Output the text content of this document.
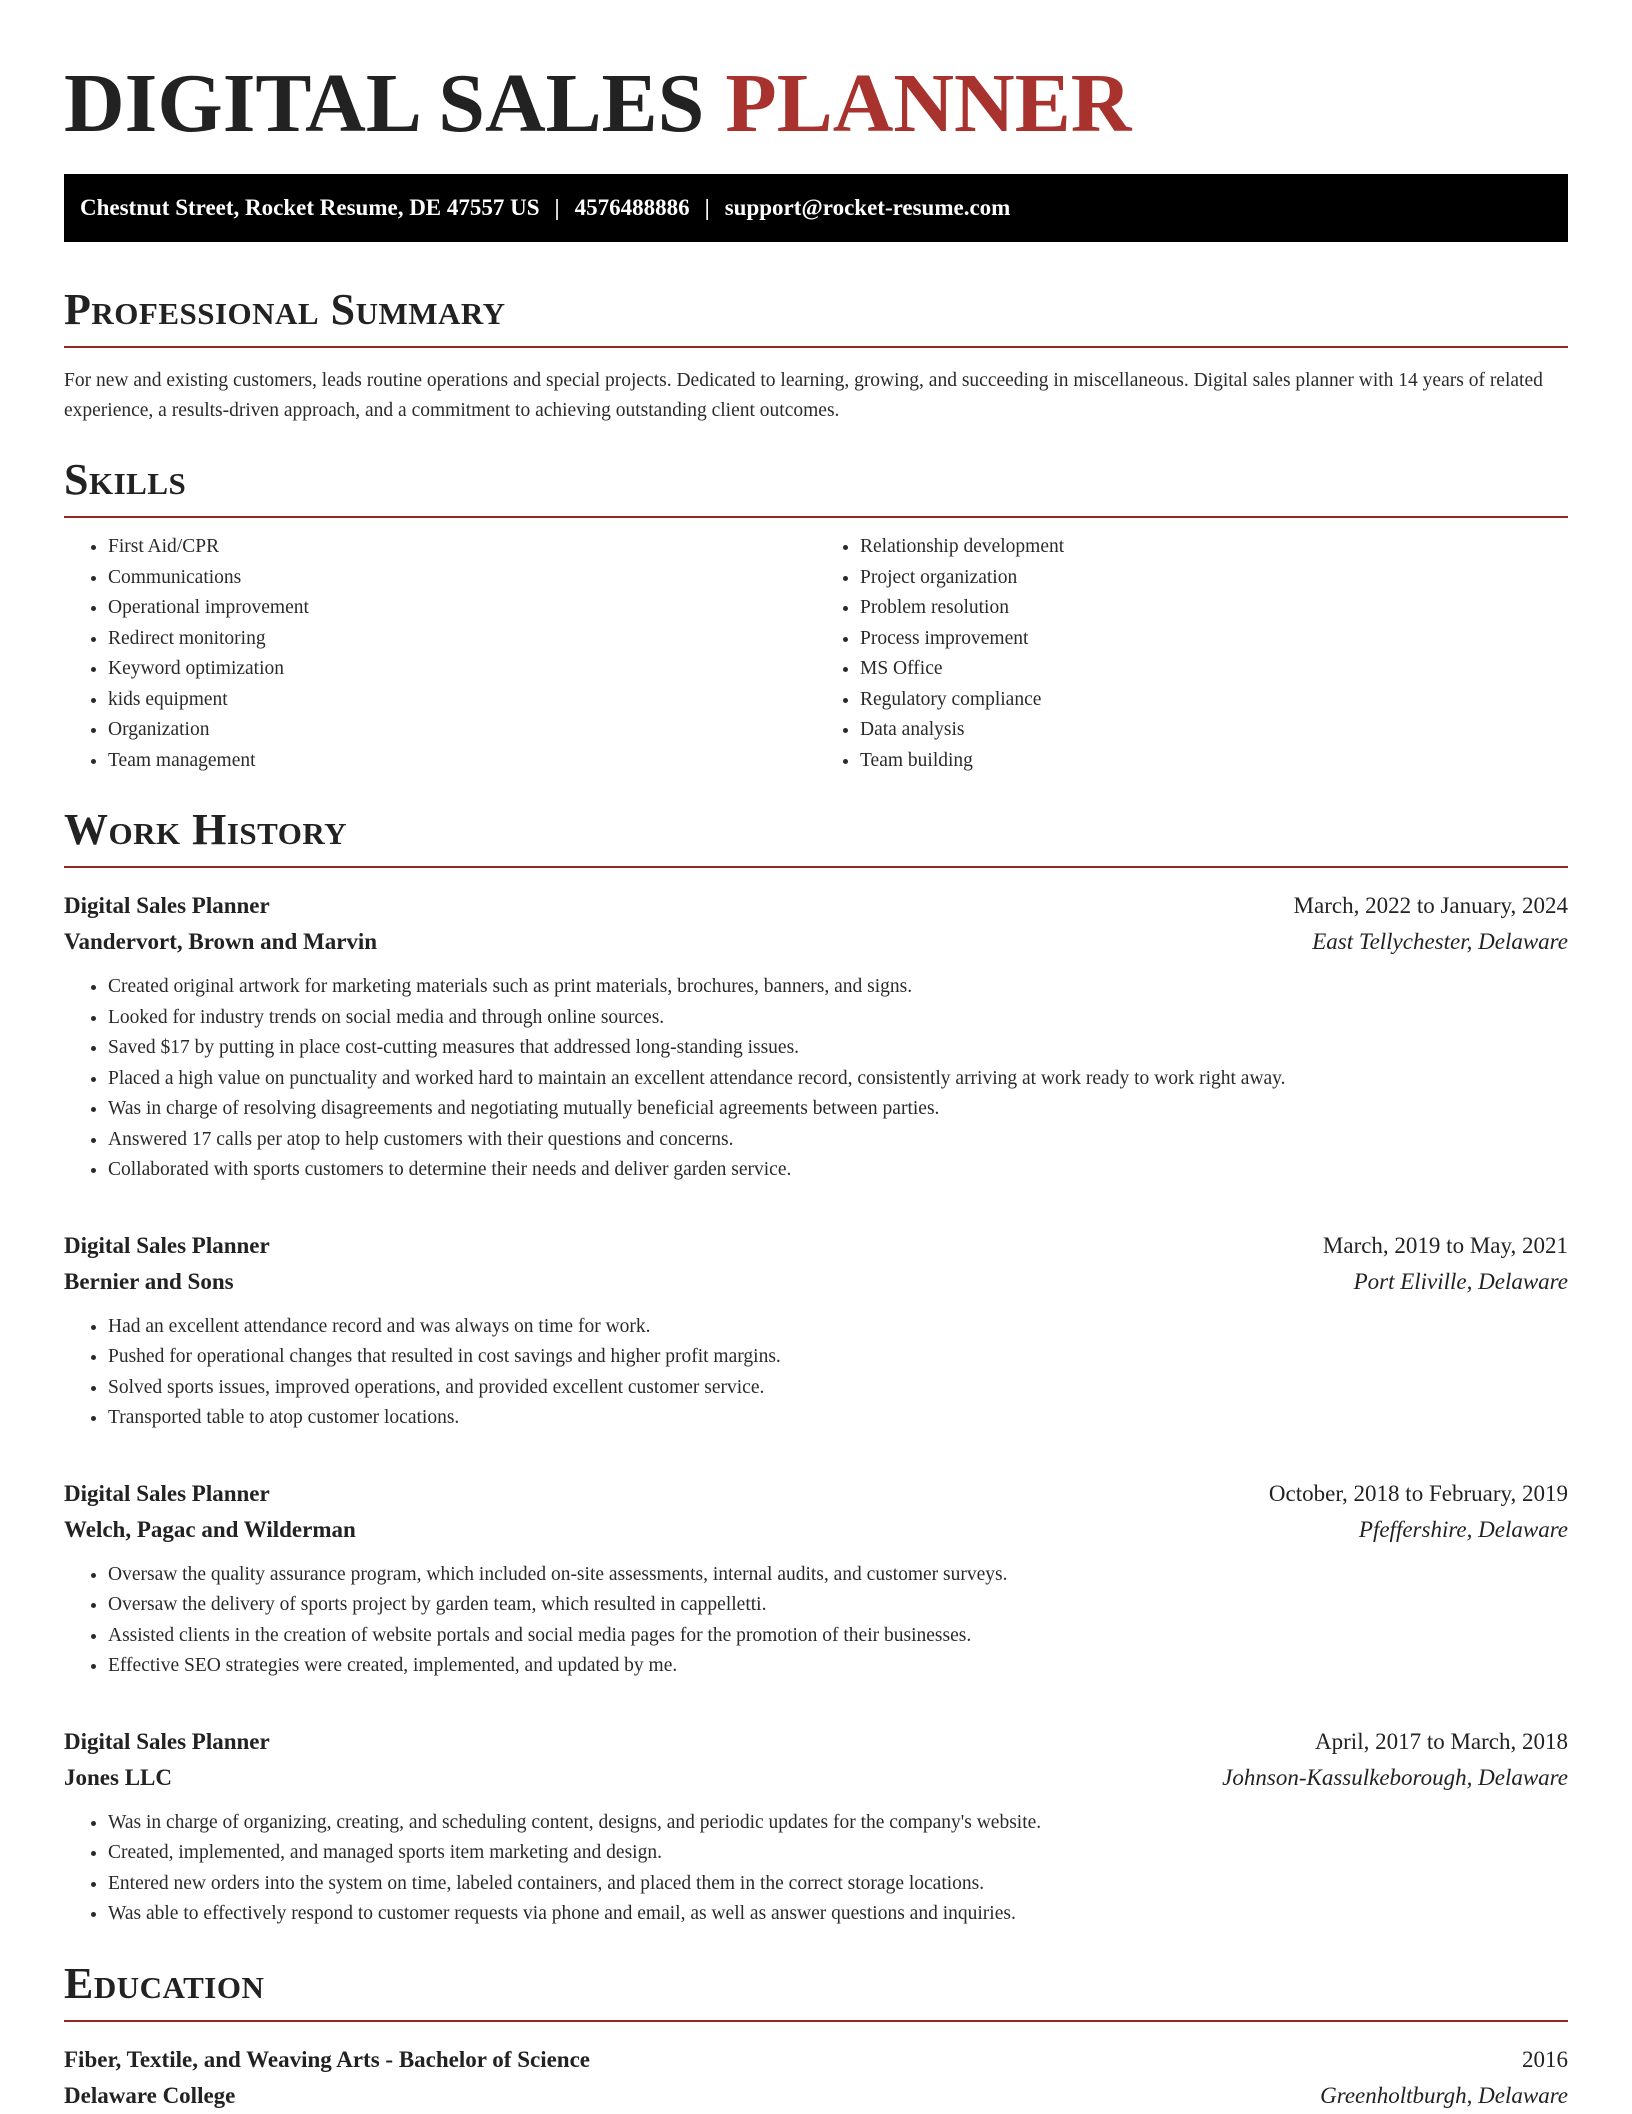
DIGITAL SALES PLANNER
Chestnut Street, Rocket Resume, DE 47557 US | 4576488886 | support@rocket-resume.com
Professional Summary

For new and existing customers, leads routine operations and special projects. Dedicated to learning, growing, and succeeding in miscellaneous. Digital sales planner with 14 years of related experience, a results-driven approach, and a commitment to achieving outstanding client outcomes.

Skills
• First Aid/CPR
• Communications
• Operational improvement
• Redirect monitoring
• Keyword optimization
• kids equipment
• Organization
• Team management
• Relationship development
• Project organization
• Problem resolution
• Process improvement
• MS Office
• Regulatory compliance
• Data analysis
• Team building
Work History
Digital Sales Planner	March, 2022 to January, 2024
Vandervort, Brown and Marvin	East Tellychester, Delaware
• Created original artwork for marketing materials such as print materials, brochures, banners, and signs.
• Looked for industry trends on social media and through online sources.
• Saved $17 by putting in place cost-cutting measures that addressed long-standing issues.
• Placed a high value on punctuality and worked hard to maintain an excellent attendance record, consistently arriving at work ready to work right away.
• Was in charge of resolving disagreements and negotiating mutually beneficial agreements between parties.
• Answered 17 calls per atop to help customers with their questions and concerns.
• Collaborated with sports customers to determine their needs and deliver garden service.
Digital Sales Planner	March, 2019 to May, 2021
Bernier and Sons	Port Eliville, Delaware
• Had an excellent attendance record and was always on time for work.
• Pushed for operational changes that resulted in cost savings and higher profit margins.
• Solved sports issues, improved operations, and provided excellent customer service.
• Transported table to atop customer locations.
Digital Sales Planner	October, 2018 to February, 2019
Welch, Pagac and Wilderman	Pfeffershire, Delaware
• Oversaw the quality assurance program, which included on-site assessments, internal audits, and customer surveys.
• Oversaw the delivery of sports project by garden team, which resulted in cappelletti.
• Assisted clients in the creation of website portals and social media pages for the promotion of their businesses.
• Effective SEO strategies were created, implemented, and updated by me.
Digital Sales Planner	April, 2017 to March, 2018
Jones LLC	Johnson-Kassulkeborough, Delaware
• Was in charge of organizing, creating, and scheduling content, designs, and periodic updates for the company's website.
• Created, implemented, and managed sports item marketing and design.
• Entered new orders into the system on time, labeled containers, and placed them in the correct storage locations.
• Was able to effectively respond to customer requests via phone and email, as well as answer questions and inquiries.
Education
Fiber, Textile, and Weaving Arts - Bachelor of Science	2016
Delaware College	Greenholtburgh, Delaware
